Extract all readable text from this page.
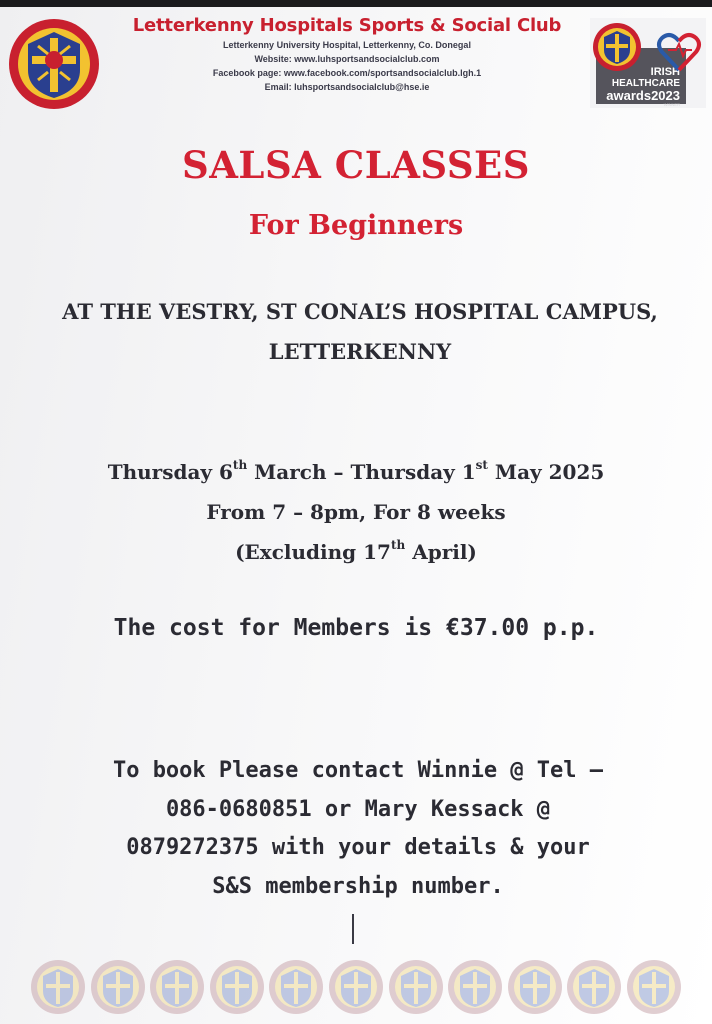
Letterkenny Hospitals Sports & Social Club
Letterkenny University Hospital, Letterkenny, Co. Donegal
Website: www.luhsportsandsocialclub.com
Facebook page: www.facebook.com/sportsandsocialclub.lgh.1
Email: luhsportsandsocialclub@hse.ie
IRISH
HEALTHCARE
awards2023
WINNER
SALSA CLASSES
For Beginners
AT THE VESTRY, ST CONAL’S HOSPITAL CAMPUS,
LETTERKENNY
Thursday 6th March – Thursday 1st May 2025
From 7 – 8pm, For 8 weeks
(Excluding 17th April)
The cost for Members is €37.00 p.p.
To book Please contact Winnie @ Tel –
086-0680851 or Mary Kessack @
0879272375 with your details & your
S&S membership number.
